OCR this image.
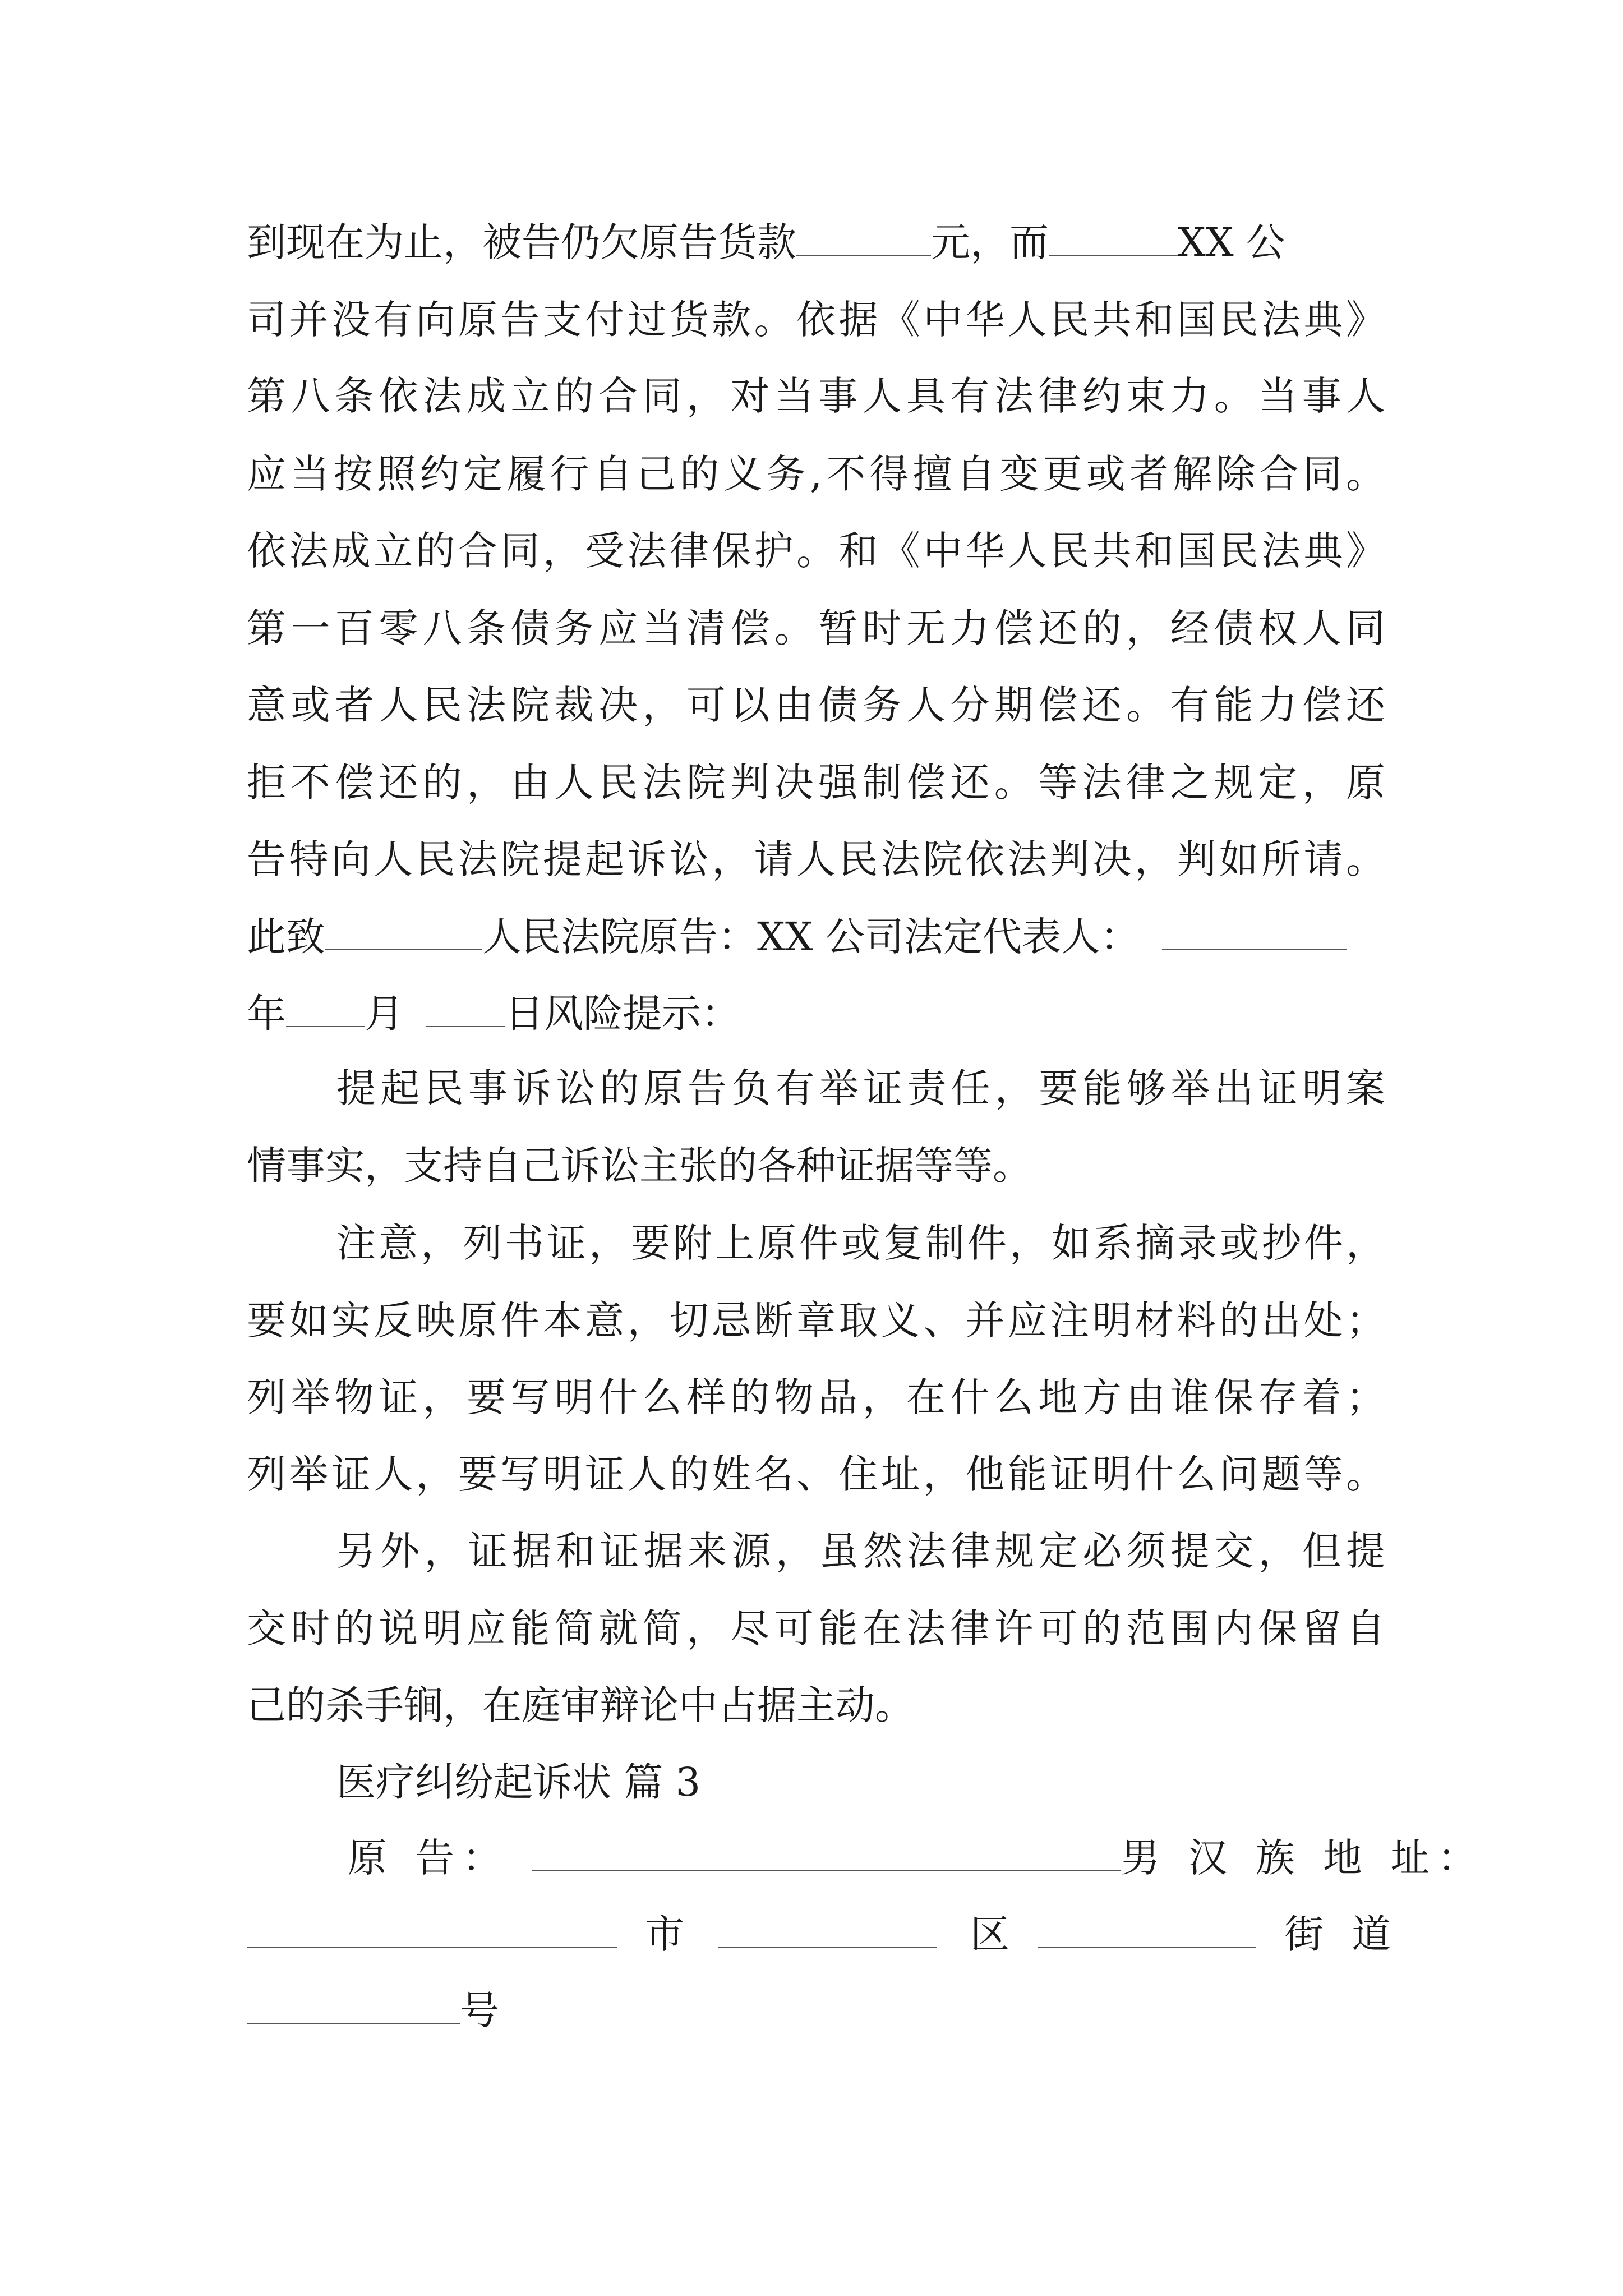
到现在为止，被告仍欠原告货款	元，而	XX 公
司并没有向原告支付过货款。依据《中华人民共和国民法典》
第八条依法成立的合同，对当事人具有法律约束力。当事人
应当按照约定履行自己的义务,不得擅自变更或者解除合同。
依法成立的合同，受法律保护。和《中华人民共和国民法典》
第一百零八条债务应当清偿。暂时无力偿还的，经债权人同
意或者人民法院裁决，可以由债务人分期偿还。有能力偿还
拒不偿还的，由人民法院判决强制偿还。等法律之规定，原
告特向人民法院提起诉讼，请人民法院依法判决，判如所请。
此致	人民法院原告：XX 公司法定代表人：
年 月	日风险提示：
提起民事诉讼的原告负有举证责任，要能够举出证明案
情事实，支持自己诉讼主张的各种证据等等。
注意，列书证，要附上原件或复制件，如系摘录或抄件，
要如实反映原件本意，切忌断章取义、并应注明材料的出处；
列举物证，要写明什么样的物品，在什么地方由谁保存着；
列举证人，要写明证人的姓名、住址，他能证明什么问题等。
另外，证据和证据来源，虽然法律规定必须提交，但提
交时的说明应能简就简，尽可能在法律许可的范围内保留自
己的杀手锏，在庭审辩论中占据主动。
医疗纠纷起诉状 篇 3
原 告：	男 汉 族 地 址：
市	区	街 道
号
